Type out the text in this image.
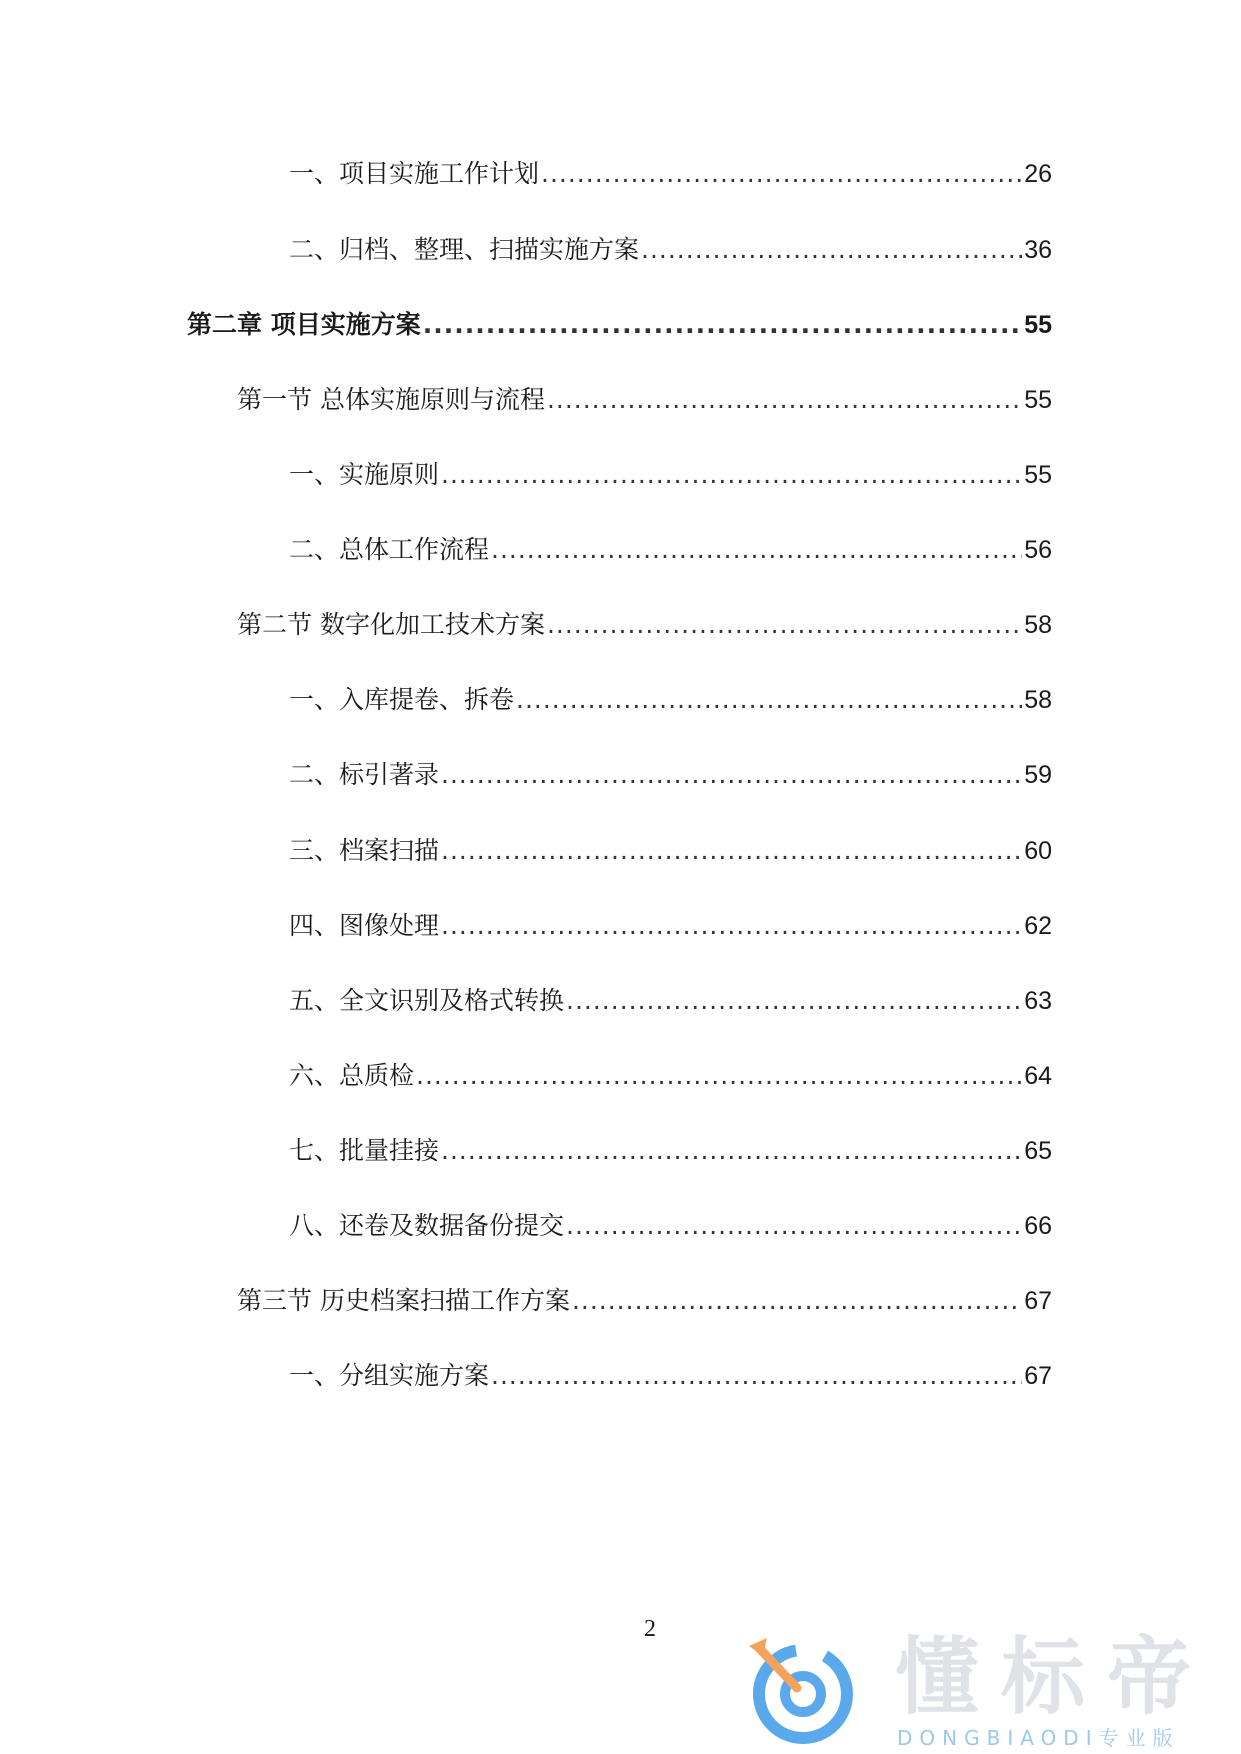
一、项目实施工作计划 .....	26
二、归档、整理、扫描实施方案 .....	36
第二章 项目实施方案 .....	55
第一节 总体实施原则与流程 .....	55
一、实施原则 .....	55
二、总体工作流程 .....	56
第二节 数字化加工技术方案 .....	58
一、入库提卷、拆卷 .....	58
二、标引著录 .....	59
三、档案扫描 .....	60
四、图像处理 .....	62
五、全文识别及格式转换 .....	63
六、总质检 .....	64
七、批量挂接 .....	65
八、还卷及数据备份提交 .....	66
第三节 历史档案扫描工作方案 .....	67
一、分组实施方案 .....	67
2	懂标帝
DONGBIAODI专业版
